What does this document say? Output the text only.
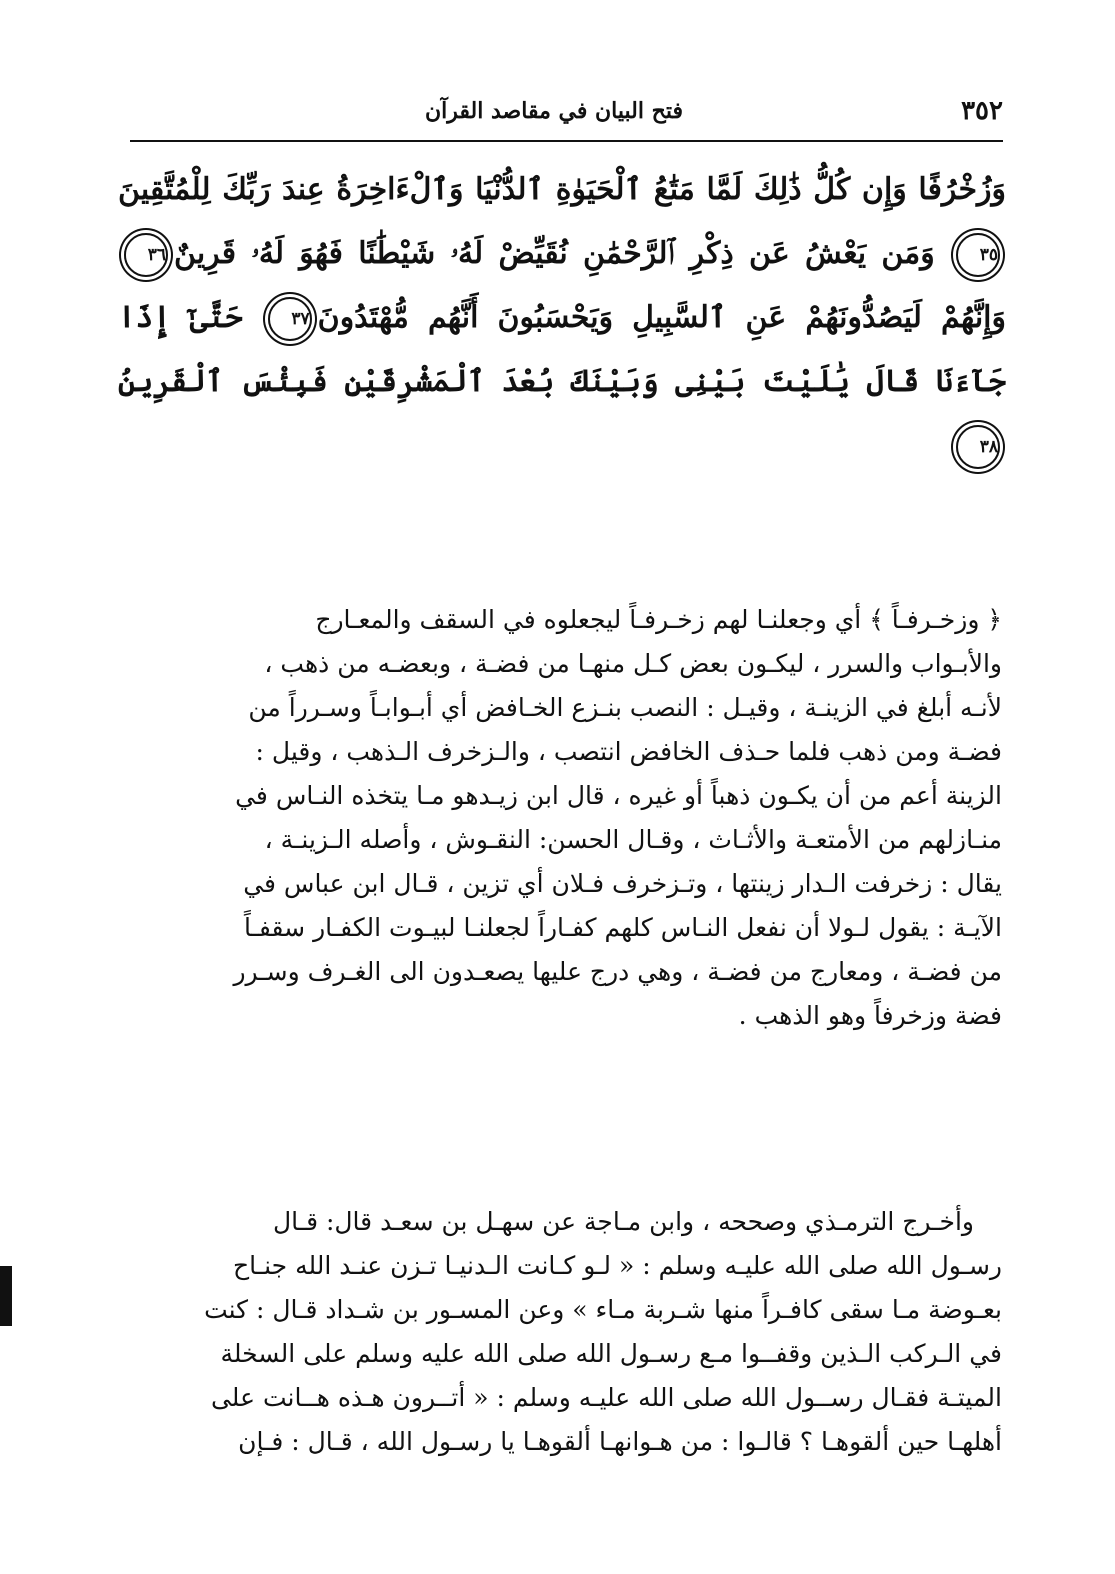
٣٥٢
فتح البيان في مقاصد القرآن
وَزُخْرُفًا وَإِن كُلُّ ذَٰلِكَ لَمَّا مَتَٰعُ ٱلْحَيَوٰةِ ٱلدُّنْيَا وَٱلْءَاخِرَةُ عِندَ رَبِّكَ لِلْمُتَّقِينَ٣٥ وَمَن يَعْشُ عَن ذِكْرِ ٱلرَّحْمَٰنِ نُقَيِّضْ لَهُۥ شَيْطَٰنًا فَهُوَ لَهُۥ قَرِينٌ٣٦ وَإِنَّهُمْ لَيَصُدُّونَهُمْ عَنِ ٱلسَّبِيلِ وَيَحْسَبُونَ أَنَّهُم مُّهْتَدُونَ٣٧ حَتَّىٰٓ إِذَا جَآءَنَا قَالَ يَٰلَيْتَ بَيْنِى وَبَيْنَكَ بُعْدَ ٱلْمَشْرِقَيْنِ فَبِئْسَ ٱلْقَرِينُ٣٨
﴿ وزخـرفـاً ﴾ أي وجعلنـا لهم زخـرفـاً ليجعلوه في السقف والمعـارج
والأبـواب والسرر ، ليكـون بعض كـل منهـا من فضـة ، وبعضـه من ذهب ،
لأنـه أبلغ في الزينـة ، وقيـل : النصب بنـزع الخـافض أي أبـوابـاً وسـرراً من
فضـة ومن ذهب فلما حـذف الخافض انتصب ، والـزخرف الـذهب ، وقيل :
الزينة أعم من أن يكـون ذهباً أو غيره ، قال ابن زيـدهو مـا يتخذه النـاس في
منـازلهم من الأمتعـة والأثـاث ، وقـال الحسن: النقـوش ، وأصله الـزينـة ،
يقال : زخرفت الـدار زينتها ، وتـزخرف فـلان أي تزين ، قـال ابن عباس في
الآيـة : يقول لـولا أن نفعل النـاس كلهم كفـاراً لجعلنـا لبيـوت الكفـار سقفـاً
من فضـة ، ومعارج من فضـة ، وهي درج عليها يصعـدون الى الغـرف وسـرر
فضة وزخرفاً وهو الذهب .
وأخـرج الترمـذي وصححه ، وابن مـاجة عن سهـل بن سعـد قال: قـال
رسـول الله صلى الله عليـه وسلم : « لـو كـانت الـدنيـا تـزن عنـد الله جنـاح
بعـوضة مـا سقى كافـراً منها شـربة مـاء » وعن المسـور بن شـداد قـال : كنت
في الـركب الـذين وقفــوا مـع رسـول الله صلى الله عليه وسلم على السخلة
الميتـة فقـال رســول الله صلى الله عليـه وسلم : « أتــرون هـذه هــانت على
أهلهـا حين ألقوهـا ؟ قالـوا : من هـوانهـا ألقوهـا يا رسـول الله ، قـال : فـإن
